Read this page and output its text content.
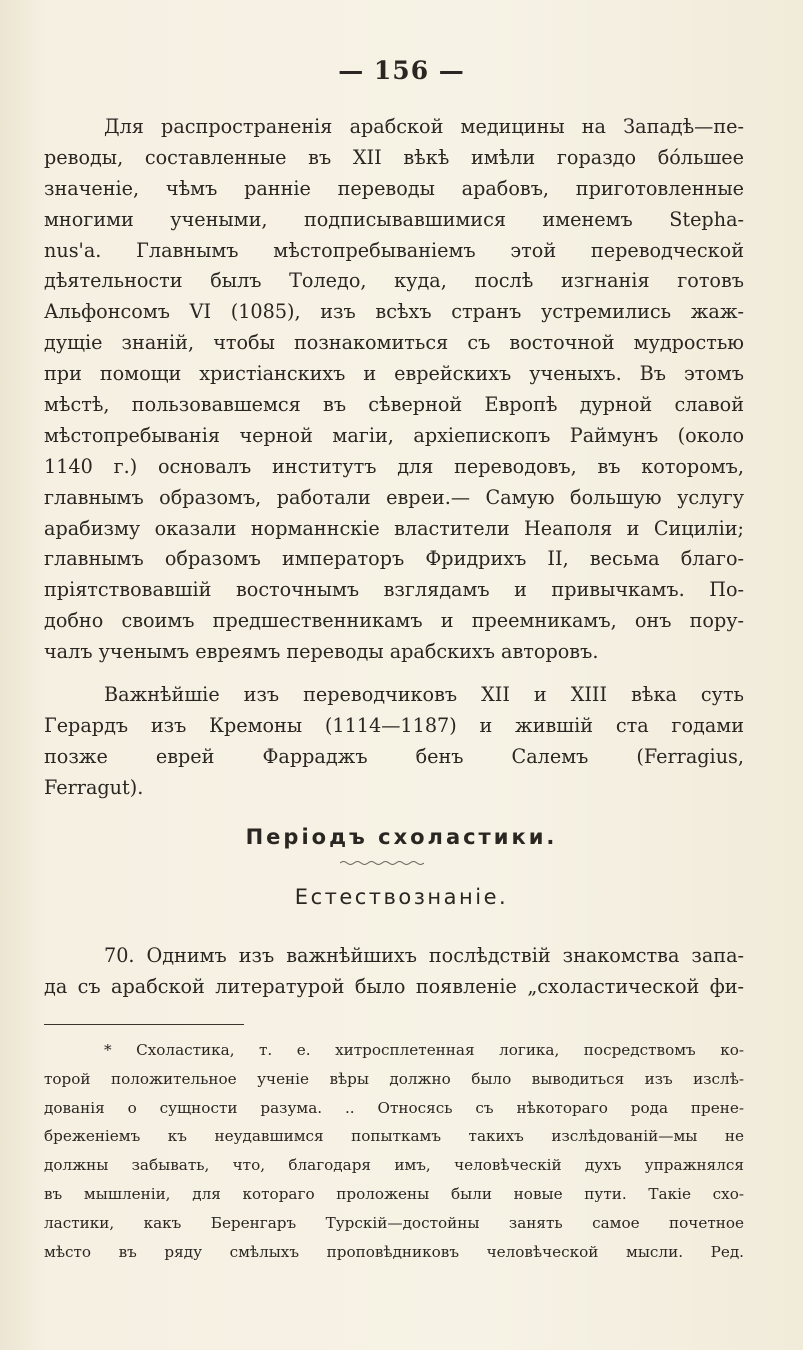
— 156 —
Для распространенія арабской медицины на Западѣ—пе-
реводы, составленные въ XII вѣкѣ имѣли гораздо бо́льшее
значеніе, чѣмъ ранніе переводы арабовъ, приготовленные
многими учеными, подписывавшимися именемъ Stepha-
nus'а. Главнымъ мѣстопребываніемъ этой переводческой
дѣятельности былъ Толедо, куда, послѣ изгнанія готовъ
Альфонсомъ VI (1085), изъ всѣхъ странъ устремились жаж-
дущіе знаній, чтобы познакомиться съ восточной мудростью
при помощи христіанскихъ и еврейскихъ ученыхъ. Въ этомъ
мѣстѣ, пользовавшемся въ сѣверной Европѣ дурной славой
мѣстопребыванія черной магіи, архіепископъ Раймунъ (около
1140 г.) основалъ институтъ для переводовъ, въ которомъ,
главнымъ образомъ, работали евреи.— Самую большую услугу
арабизму оказали норманнскіе властители Неаполя и Сициліи;
главнымъ образомъ императоръ Фридрихъ II, весьма благо-
пріятствовавшій восточнымъ взглядамъ и привычкамъ. По-
добно своимъ предшественникамъ и преемникамъ, онъ пору-
чалъ ученымъ евреямъ переводы арабскихъ авторовъ.
Важнѣйшіе изъ переводчиковъ XII и XIII вѣка суть
Герардъ изъ Кремоны (1114—1187) и жившій ста годами
позже еврей Фарраджъ бенъ Салемъ (Ferragius,
Ferragut).
Періодъ схоластики.
Естествознаніе.
70. Однимъ изъ важнѣйшихъ послѣдствій знакомства запа-
да съ арабской литературой было появленіе „схоластической фи-
* Схоластика, т. е. хитросплетенная логика, посредствомъ ко-
торой положительное ученіе вѣры должно было выводиться изъ изслѣ-
дованія о сущности разума. .. Относясь съ нѣкотораго рода пренe-
бреженіемъ къ неудавшимся попыткамъ такихъ изслѣдованій—мы не
должны забывать, что, благодаря имъ, человѣческій духъ упражнялся
въ мышленіи, для котораго проложены были новые пути. Такіе схо-
ластики, какъ Беренгаръ Турскій—достойны занять самое почетное
мѣсто въ ряду смѣлыхъ проповѣдниковъ человѣческой мысли. Ред.
